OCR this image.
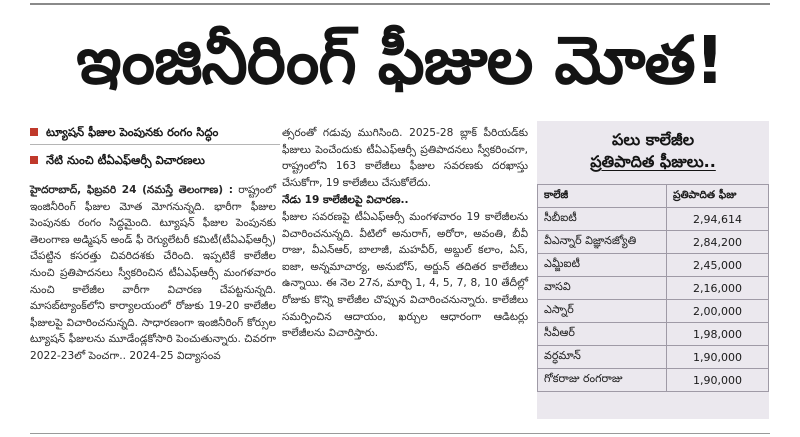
ఇంజినీరింగ్ ఫీజుల మోత!
ట్యూషన్ ఫీజుల పెంపునకు రంగం సిద్ధం
నేటి నుంచి టీఏఎఫ్ఆర్సీ విచారణలు

హైదరాబాద్, ఫిబ్రవరి 24 (నమస్తే తెలంగాణ) : రాష్ట్రంలో ఇంజినీరింగ్ ఫీజుల మోత మోగనున్నది. భారీగా ఫీజుల పెంపునకు రంగం సిద్ధమైంది. ట్యూషన్ ఫీజుల పెంపునకు తెలంగాణ అడ్మిషన్ అండ్ ఫీ రెగ్యులేటరీ కమిటీ(టీఏఎఫ్ఆర్సీ) చేపట్టిన కసరత్తు చివరిదశకు చేరింది. ఇప్పటికే కాలేజీల నుంచి ప్రతిపాదనలు స్వీకరించిన టీఏఎఫ్ఆర్సీ మంగళవారం నుంచి కాలేజీల వారీగా విచారణ చేపట్టనున్నది. మాసబ్‌ట్యాంక్‌లోని కార్యాలయంలో రోజుకు 19-20 కాలేజీల ఫీజులపై విచారించనున్నది. సాధారణంగా ఇంజినీరింగ్ కోర్సుల ట్యూషన్ ఫీజులను మూడేండ్లకోసారి పెంచుతున్నారు. చివరగా 2022-23లో పెంచగా.. 2024-25 విద్యాసంవ

త్సరంతో గడువు ముగిసింది. 2025-28 బ్లాక్ పీరియడ్‌కు ఫీజులు పెంచేందుకు టీఏఎఫ్ఆర్సీ ప్రతిపాదనలు స్వీకరించగా, రాష్ట్రంలోని 163 కాలేజీలు ఫీజుల సవరణకు దరఖాస్తు చేసుకోగా, 19 కాలేజీలు చేసుకోలేదు.

నేడు 19 కాలేజీలపై విచారణ..

ఫీజుల సవరణపై టీఏఎఫ్ఆర్సీ మంగళవారం 19 కాలేజీలను విచారించనున్నది. వీటిలో అనురాగ్, అరోరా, అవంతి, బీవీ రాజు, వీఎన్ఆర్, బాలాజీ, మహవీర్, అబ్దుల్ కలాం, ఏస్, ఐజా, అన్నమాచార్య, అనుబోస్, అర్జున్ తదితర కాలేజీలు ఉన్నాయి. ఈ నెల 27న, మార్చి 1, 4, 5, 7, 8, 10 తేదీల్లో రోజుకు కొన్ని కాలేజీల చొప్పున విచారించనున్నారు. కాలేజీలు సమర్పించిన ఆదాయం, ఖర్చుల ఆధారంగా ఆడిటర్లు కాలేజీలను విచారిస్తారు.

పలు కాలేజీల
ప్రతిపాదిత ఫీజులు..
కాలేజీ	ప్రతిపాదిత ఫీజు
సీబీఐటీ	2,94,614
వీఎన్నార్ విజ్ఞానజ్యోతి	2,84,200
ఎమ్జీఐటీ	2,45,000
వాసవి	2,16,000
ఎస్నార్	2,00,000
సీవీఆర్	1,98,000
వర్ధమాన్	1,90,000
గోకరాజు రంగరాజు	1,90,000
